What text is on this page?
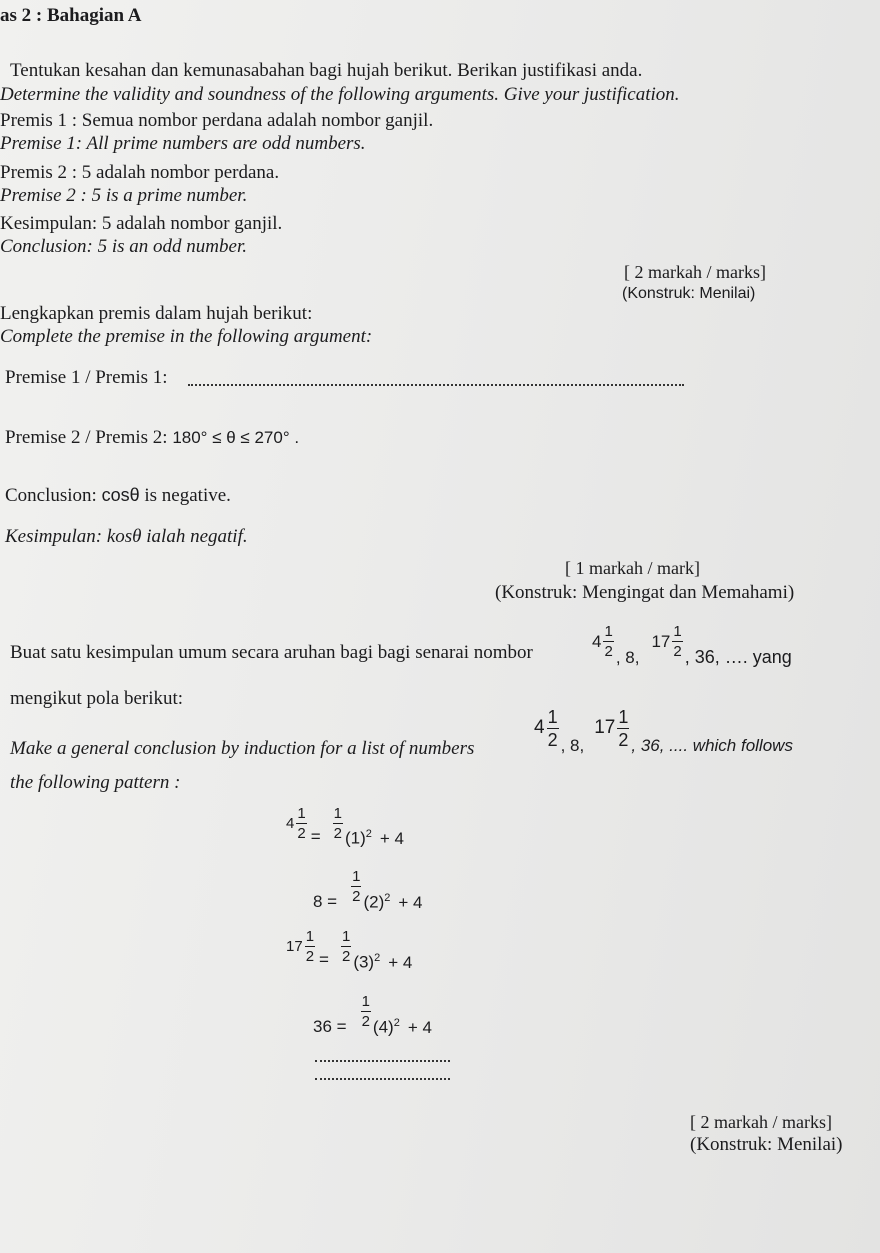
as 2 : Bahagian A
Tentukan kesahan dan kemunasabahan bagi hujah berikut. Berikan justifikasi anda.
Determine the validity and soundness of the following arguments. Give your justification.
Premis 1 : Semua nombor perdana adalah nombor ganjil.
Premise 1: All prime numbers are odd numbers.
Premis 2 : 5 adalah nombor perdana.
Premise 2 : 5 is a prime number.
Kesimpulan: 5 adalah nombor ganjil.
Conclusion: 5 is an odd number.
[ 2 markah / marks]
(Konstruk: Menilai)
Lengkapkan premis dalam hujah berikut:
Complete the premise in the following argument:
Premise 1 / Premis 1:
Premise 2 / Premis 2: 180° ≤ θ ≤ 270° .
Conclusion: cosθ is negative.
Kesimpulan: kosθ ialah negatif.
[ 1 markah / mark]
(Konstruk: Mengingat dan Memahami)
Buat satu kesimpulan umum secara aruhan bagi bagi senarai nombor
$4 \frac{1}{2}$ , 8,
$17 \frac{1}{2}$ , 36, …. yang
mengikut pola berikut:
Make a general conclusion by induction for a list of numbers
$4 \frac{1}{2}$ , 8,
$17 \frac{1}{2}$ , 36, .... which follows
the following pattern :
$4 \frac{1}{2} = \frac{1}{2} (1)^2 + 4$
$8 = \frac{1}{2} (2)^2 + 4$
$17 \frac{1}{2} = \frac{1}{2} (3)^2 + 4$
$36 = \frac{1}{2} (4)^2 + 4$
[ 2 markah / marks]
(Konstruk: Menilai)
